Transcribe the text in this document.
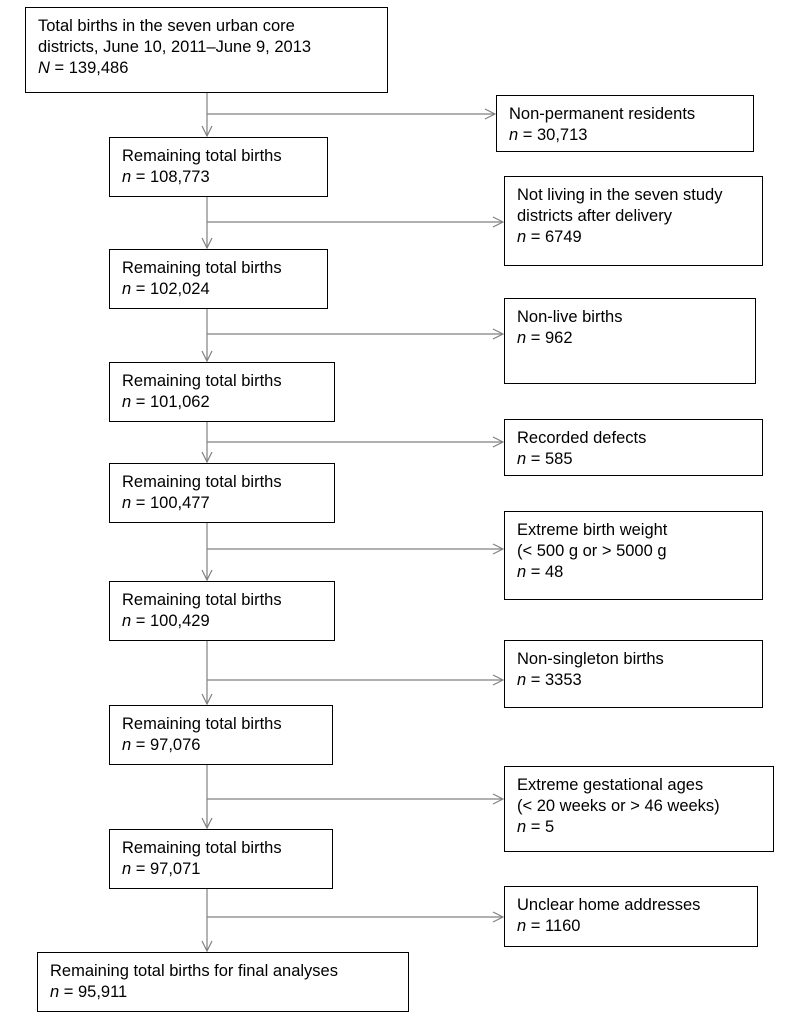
Total births in the seven urban core
districts, June 10, 2011–June 9, 2013
N = 139,486
Remaining total births
n = 108,773
Remaining total births
n = 102,024
Remaining total births
n = 101,062
Remaining total births
n = 100,477
Remaining total births
n = 100,429
Remaining total births
n = 97,076
Remaining total births
n = 97,071
Remaining total births for final analyses
n = 95,911
Non-permanent residents
n = 30,713
Not living in the seven study
districts after delivery
n = 6749
Non-live births
n = 962
Recorded defects
n = 585
Extreme birth weight
(< 500 g or > 5000 g
n = 48
Non-singleton births
n = 3353
Extreme gestational ages
(< 20 weeks or > 46 weeks)
n = 5
Unclear home addresses
n = 1160
